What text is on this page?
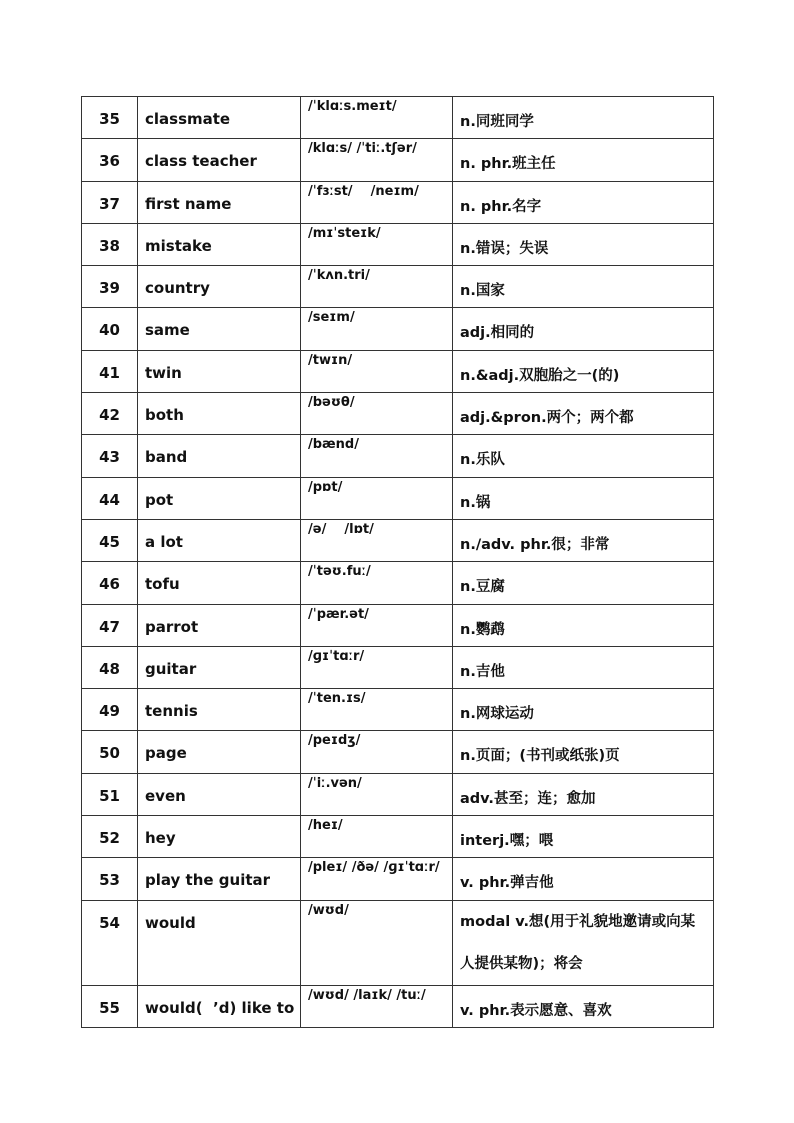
35	classmate	/ˈklɑːs.meɪt/	n.同班同学
36	class teacher	/klɑːs/ /ˈtiː.tʃər/	n. phr.班主任
37	first name	/ˈfɜːst/    /neɪm/	n. phr.名字
38	mistake	/mɪˈsteɪk/	n.错误；失误
39	country	/ˈkʌn.tri/	n.国家
40	same	/seɪm/	adj.相同的
41	twin	/twɪn/	n.&adj.双胞胎之一(的)
42	both	/bəʊθ/	adj.&pron.两个；两个都
43	band	/bænd/	n.乐队
44	pot	/pɒt/	n.锅
45	a lot	/ə/    /lɒt/	n./adv. phr.很；非常
46	tofu	/ˈtəʊ.fuː/	n.豆腐
47	parrot	/ˈpær.ət/	n.鹦鹉
48	guitar	/ɡɪˈtɑːr/	n.吉他
49	tennis	/ˈten.ɪs/	n.网球运动
50	page	/peɪdʒ/	n.页面；(书刊或纸张)页
51	even	/ˈiː.vən/	adv.甚至；连；愈加
52	hey	/heɪ/	interj.嘿；喂
53	play the guitar	/pleɪ/ /ðə/ /ɡɪˈtɑːr/	v. phr.弹吉他
54	would	/wʊd/	modal v.想(用于礼貌地邀请或向某人提供某物)；将会
55	would(  ’d) like to	/wʊd/ /laɪk/ /tuː/	v. phr.表示愿意、喜欢
